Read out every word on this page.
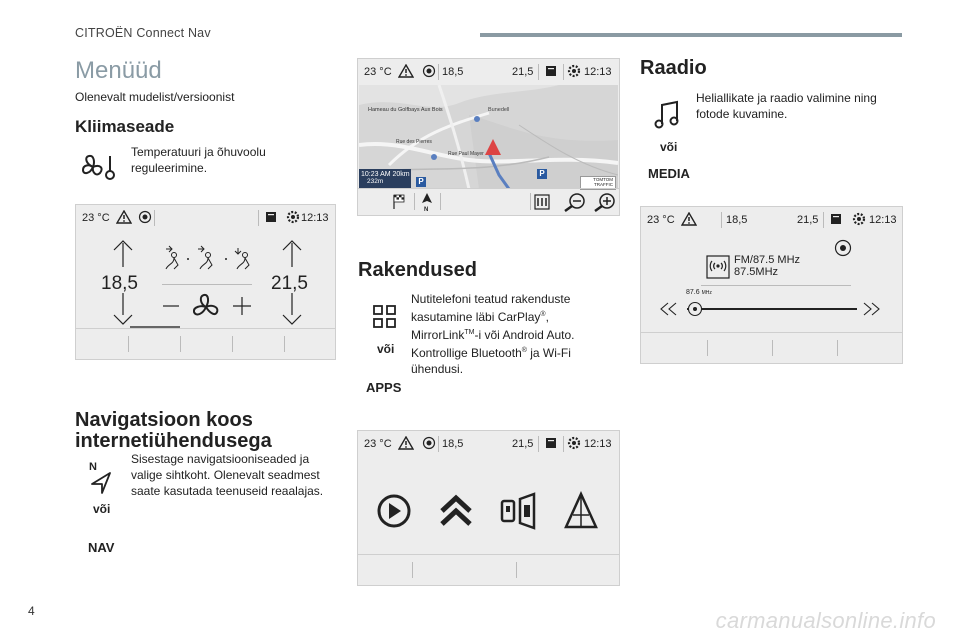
CITROËN Connect Nav
Menüüd
Olenevalt mudelist/versioonist
Kliimaseade
Temperatuuri ja õhuvoolu reguleerimine.
23 °C	12:13
18,5	21,5
Navigatsioon koos
internetiühendusega
N
või
NAV
Sisestage navigatsiooniseaded ja valige sihtkoht. Olenevalt seadmest saate kasutada teenuseid reaalajas.
23 °C	18,5	21,5	12:13
Hameau du Golfbays Aux Bois
Rue des Pierres
Rue Paul Mayer
Bunedell
10:23 AM 20km
232m	P
P
TOMTOM
TRAFFIC
N
Rakendused
või
APPS
Nutitelefoni teatud rakenduste kasutamine läbi CarPlay®, MirrorLink™-i või Android Auto. Kontrollige Bluetooth® ja Wi-Fi ühendusi.
23 °C	18,5	21,5	12:13
Raadio
või
MEDIA
Heliallikate ja raadio valimine ning fotode kuvamine.
23 °C	18,5	21,5	12:13
FM/87.5 MHz
87.5MHz
87.6 MHz
4	carmanualsonline.info
